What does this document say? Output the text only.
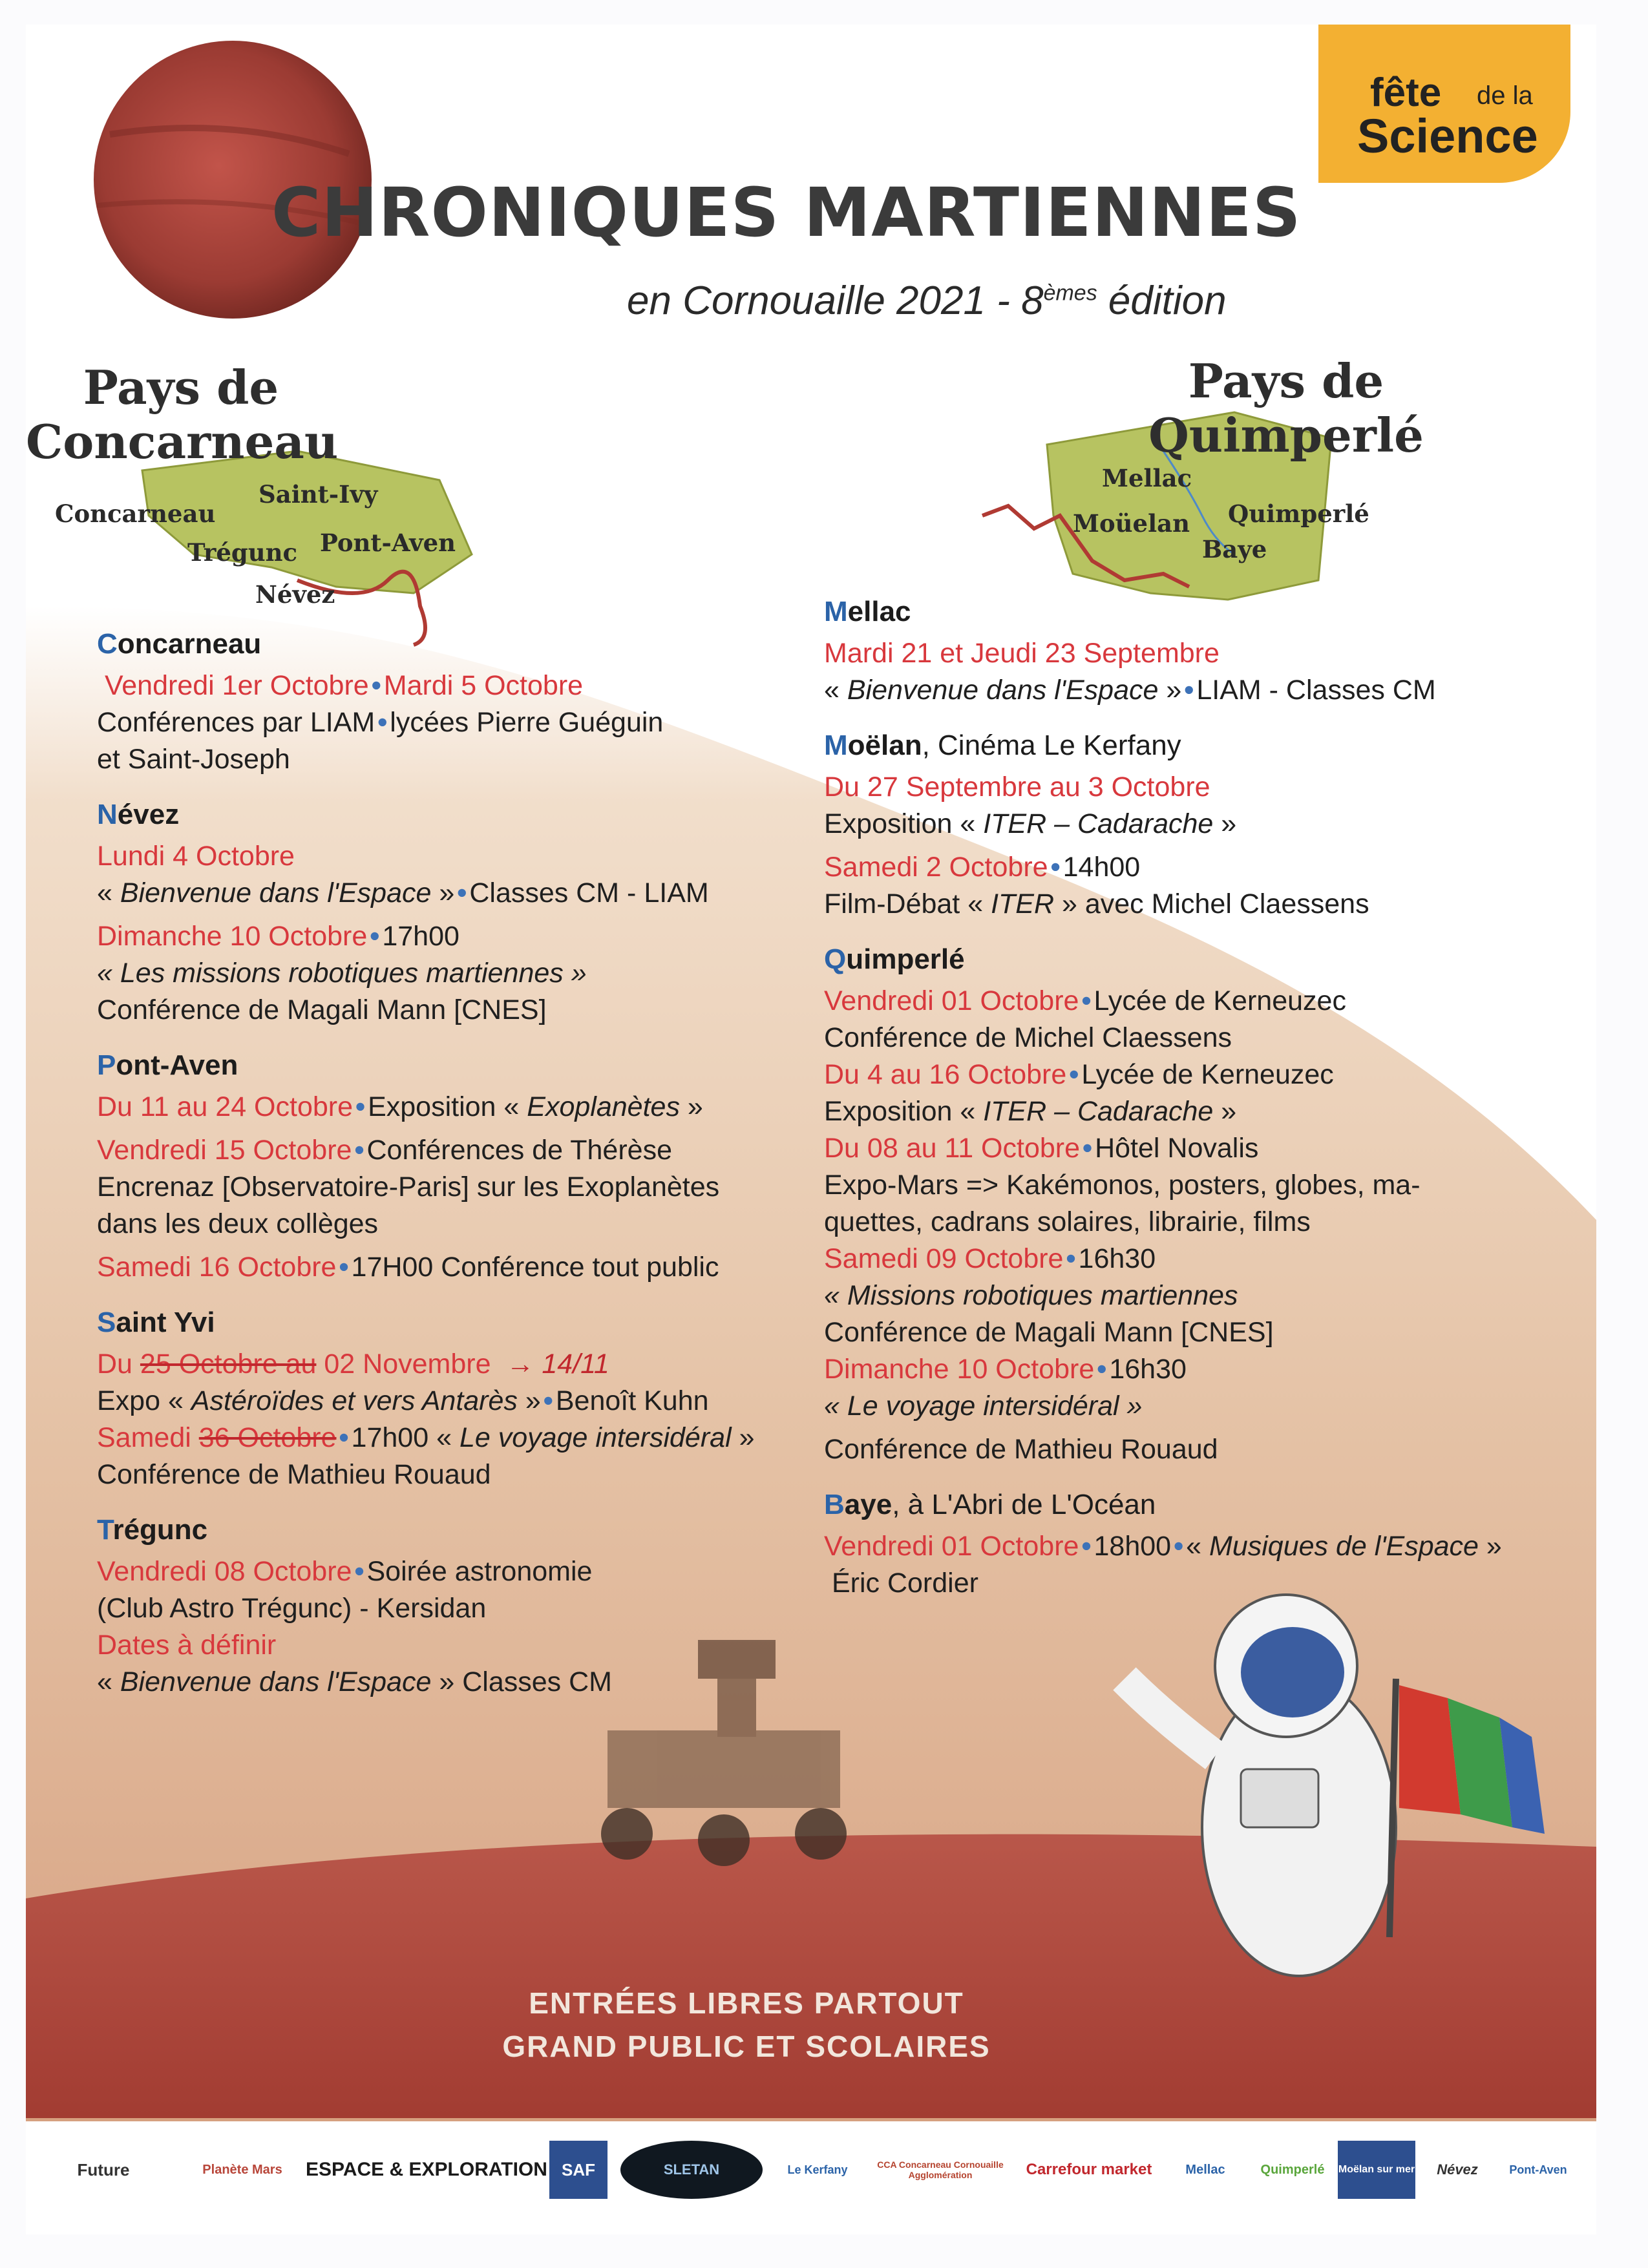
fête de la
Science
CHRONIQUES MARTIENNES
en Cornouaille 2021 - 8èmes édition
Pays de
Concarneau
Pays de
Quimperlé
Concarneau
Saint-Ivy
Trégunc Pont-Aven
Névez
Mellac
Moüelan Quimperlé
Baye
Concarneau
Vendredi 1er Octobre•Mardi 5 Octobre
Conférences par LIAM•lycées Pierre Guéguin
et Saint-Joseph
Névez
Lundi 4 Octobre
« Bienvenue dans l'Espace »•Classes CM - LIAM
Dimanche 10 Octobre•17h00
« Les missions robotiques martiennes »
Conférence de Magali Mann [CNES]
Pont-Aven
Du 11 au 24 Octobre•Exposition « Exoplanètes »
Vendredi 15 Octobre•Conférences de Thérèse
Encrenaz [Observatoire-Paris] sur les Exoplanètes
dans les deux collèges
Samedi 16 Octobre•17H00 Conférence tout public
Saint Yvi
Du 25 Octobre au 02 Novembre → 14/11
Expo « Astéroïdes et vers Antarès »•Benoît Kuhn
Samedi 36 Octobre•17h00 « Le voyage intersidéral »
Conférence de Mathieu Rouaud
Trégunc
Vendredi 08 Octobre•Soirée astronomie
(Club Astro Trégunc) - Kersidan
Dates à définir
« Bienvenue dans l'Espace » Classes CM
Mellac
Mardi 21 et Jeudi 23 Septembre
« Bienvenue dans l'Espace »•LIAM - Classes CM
Moëlan, Cinéma Le Kerfany
Du 27 Septembre au 3 Octobre
Exposition « ITER – Cadarache »
Samedi 2 Octobre•14h00
Film-Débat « ITER » avec Michel Claessens
Quimperlé
Vendredi 01 Octobre•Lycée de Kerneuzec
Conférence de Michel Claessens
Du 4 au 16 Octobre•Lycée de Kerneuzec
Exposition « ITER – Cadarache »
Du 08 au 11 Octobre•Hôtel Novalis
Expo-Mars => Kakémonos, posters, globes, ma-
quettes, cadrans solaires, librairie, films
Samedi 09 Octobre•16h30
« Missions robotiques martiennes
Conférence de Magali Mann [CNES]
Dimanche 10 Octobre•16h30
« Le voyage intersidéral »
Conférence de Mathieu Rouaud
Baye, à L'Abri de L'Océan
Vendredi 01 Octobre•18h00•« Musiques de l'Espace »
Éric Cordier
ENTRÉES LIBRES PARTOUT
GRAND PUBLIC ET SCOLAIRES
Future	Planète Mars	ESPACE & EXPLORATION SAF	SLETAN	Le Kerfany	CCA Concarneau Cornouaille Agglomération	Carrefour market	Mellac	Quimperlé	Moëlan sur mer	Névez	Pont-Aven
